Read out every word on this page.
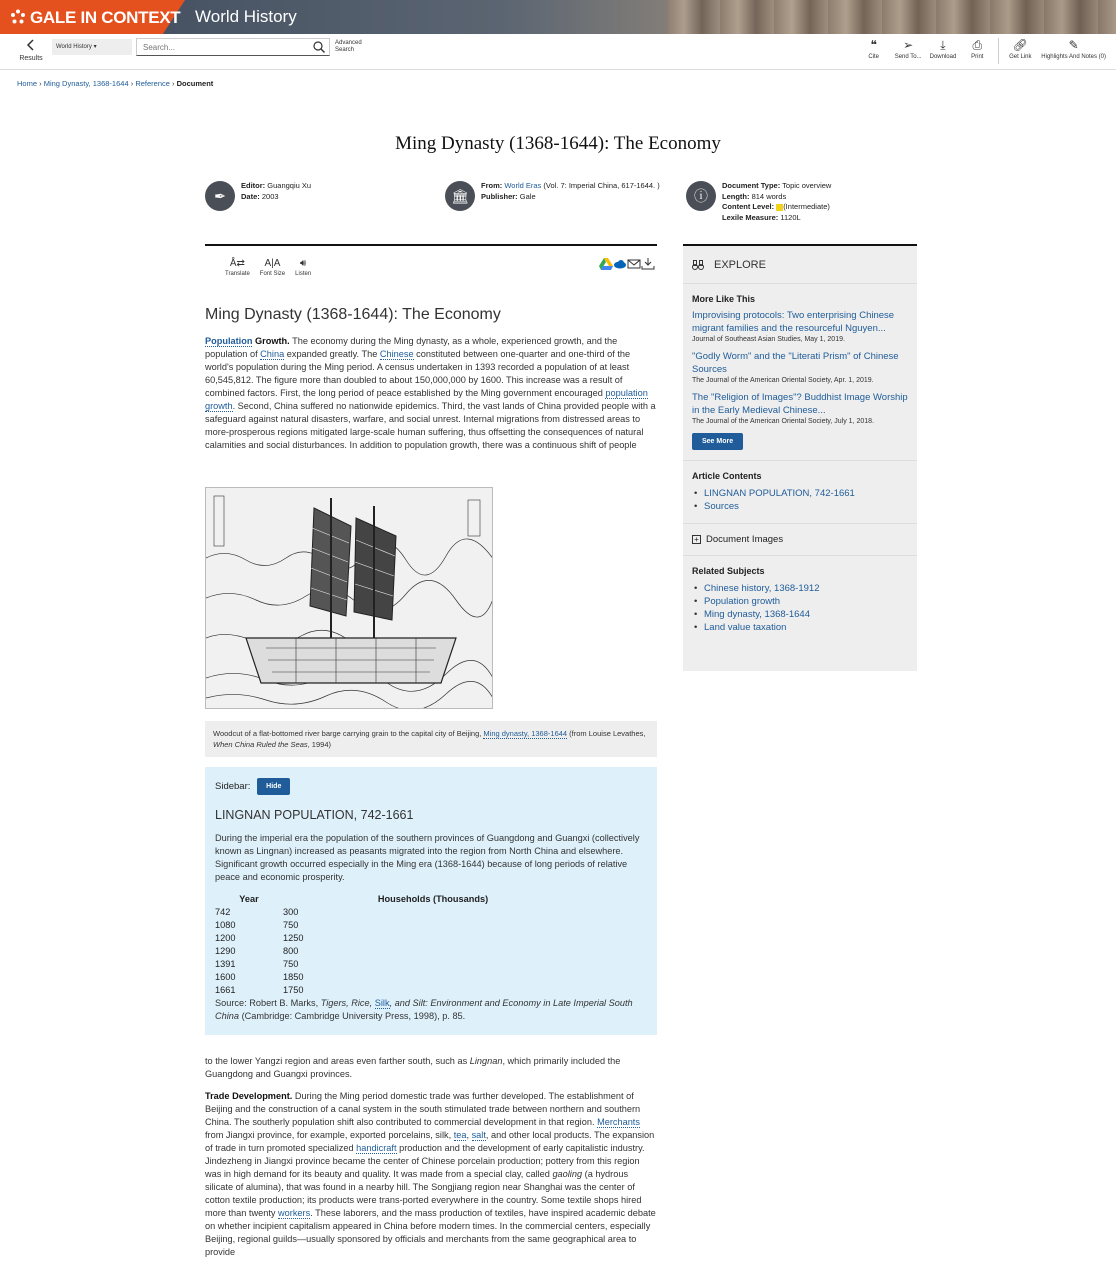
GALE IN CONTEXT World History
Results
World History ▾
Search...
Advanced Search	❝
Cite
➢
Send To...
⤓
Download
⎙
Print
🔗︎
Get Link
✎
Highlights And Notes (0)
Home › Ming Dynasty, 1368-1644 › Reference › Document
Ming Dynasty (1368-1644): The Economy
✒
Editor: Guangqiu Xu
Date: 2003	🏛︎
From: World Eras (Vol. 7: Imperial China, 617-1644. )
Publisher: Gale	ⓘ
Document Type: Topic overview
Length: 814 words
Content Level: (Intermediate)
Lexile Measure: 1120L
Å⇄
Translate
A|A
Font Size
🔊︎
Listen
Ming Dynasty (1368-1644): The Economy
Population Growth. The economy during the Ming dynasty, as a whole, experienced growth, and the population of China expanded greatly. The Chinese constituted between one-quarter and one-third of the world's population during the Ming period. A census undertaken in 1393 recorded a population of at least 60,545,812. The figure more than doubled to about 150,000,000 by 1600. This increase was a result of combined factors. First, the long period of peace established by the Ming government encouraged population growth. Second, China suffered no nationwide epidemics. Third, the vast lands of China provided people with a safeguard against natural disasters, warfare, and social unrest. Internal migrations from distressed areas to more-prosperous regions mitigated large-scale human suffering, thus offsetting the consequences of natural calamities and social disturbances. In addition to population growth, there was a continuous shift of people
Woodcut of a flat-bottomed river barge carrying grain to the capital city of Beijing, Ming dynasty, 1368-1644 (from Louise Levathes, When China Ruled the Seas, 1994)
Sidebar: Hide
LINGNAN POPULATION, 742-1661
During the imperial era the population of the southern provinces of Guangdong and Guangxi (collectively known as Lingnan) increased as peasants migrated into the region from North China and elsewhere. Significant growth occurred especially in the Ming era (1368-1644) because of long periods of relative peace and economic prosperity.
Year	Households (Thousands)
742	300
1080	750
1200	1250
1290	800
1391	750
1600	1850
1661	1750
Source: Robert B. Marks, Tigers, Rice, Silk, and Silt: Environment and Economy in Late Imperial South China (Cambridge: Cambridge University Press, 1998), p. 85.
to the lower Yangzi region and areas even farther south, such as Lingnan, which primarily included the Guangdong and Guangxi provinces.
Trade Development. During the Ming period domestic trade was further developed. The establishment of Beijing and the construction of a canal system in the south stimulated trade between northern and southern China. The southerly population shift also contributed to commercial development in that region. Merchants from Jiangxi province, for example, exported porcelains, silk, tea, salt, and other local products. The expansion of trade in turn promoted specialized handicraft production and the development of early capitalistic industry. Jindezheng in Jiangxi province became the center of Chinese porcelain production; pottery from this region was in high demand for its beauty and quality. It was made from a special clay, called gaoling (a hydrous silicate of alumina), that was found in a nearby hill. The Songjiang region near Shanghai was the center of cotton textile production; its products were trans-ported everywhere in the country. Some textile shops hired more than twenty workers. These laborers, and the mass production of textiles, have inspired academic debate on whether incipient capitalism appeared in China before modern times. In the commercial centers, especially Beijing, regional guilds—usually sponsored by officials and merchants from the same geographical area to provide
EXPLORE
More Like This
Improvising protocols: Two enterprising Chinese migrant families and the resourceful Nguyen...
Journal of Southeast Asian Studies, May 1, 2019.
"Godly Worm" and the "Literati Prism" of Chinese Sources
The Journal of the American Oriental Society, Apr. 1, 2019.
The "Religion of Images"? Buddhist Image Worship in the Early Medieval Chinese...
The Journal of the American Oriental Society, July 1, 2018.
See More
Article Contents
• LINGNAN POPULATION, 742-1661
• Sources
+ Document Images
Related Subjects
• Chinese history, 1368-1912
• Population growth
• Ming dynasty, 1368-1644
• Land value taxation
